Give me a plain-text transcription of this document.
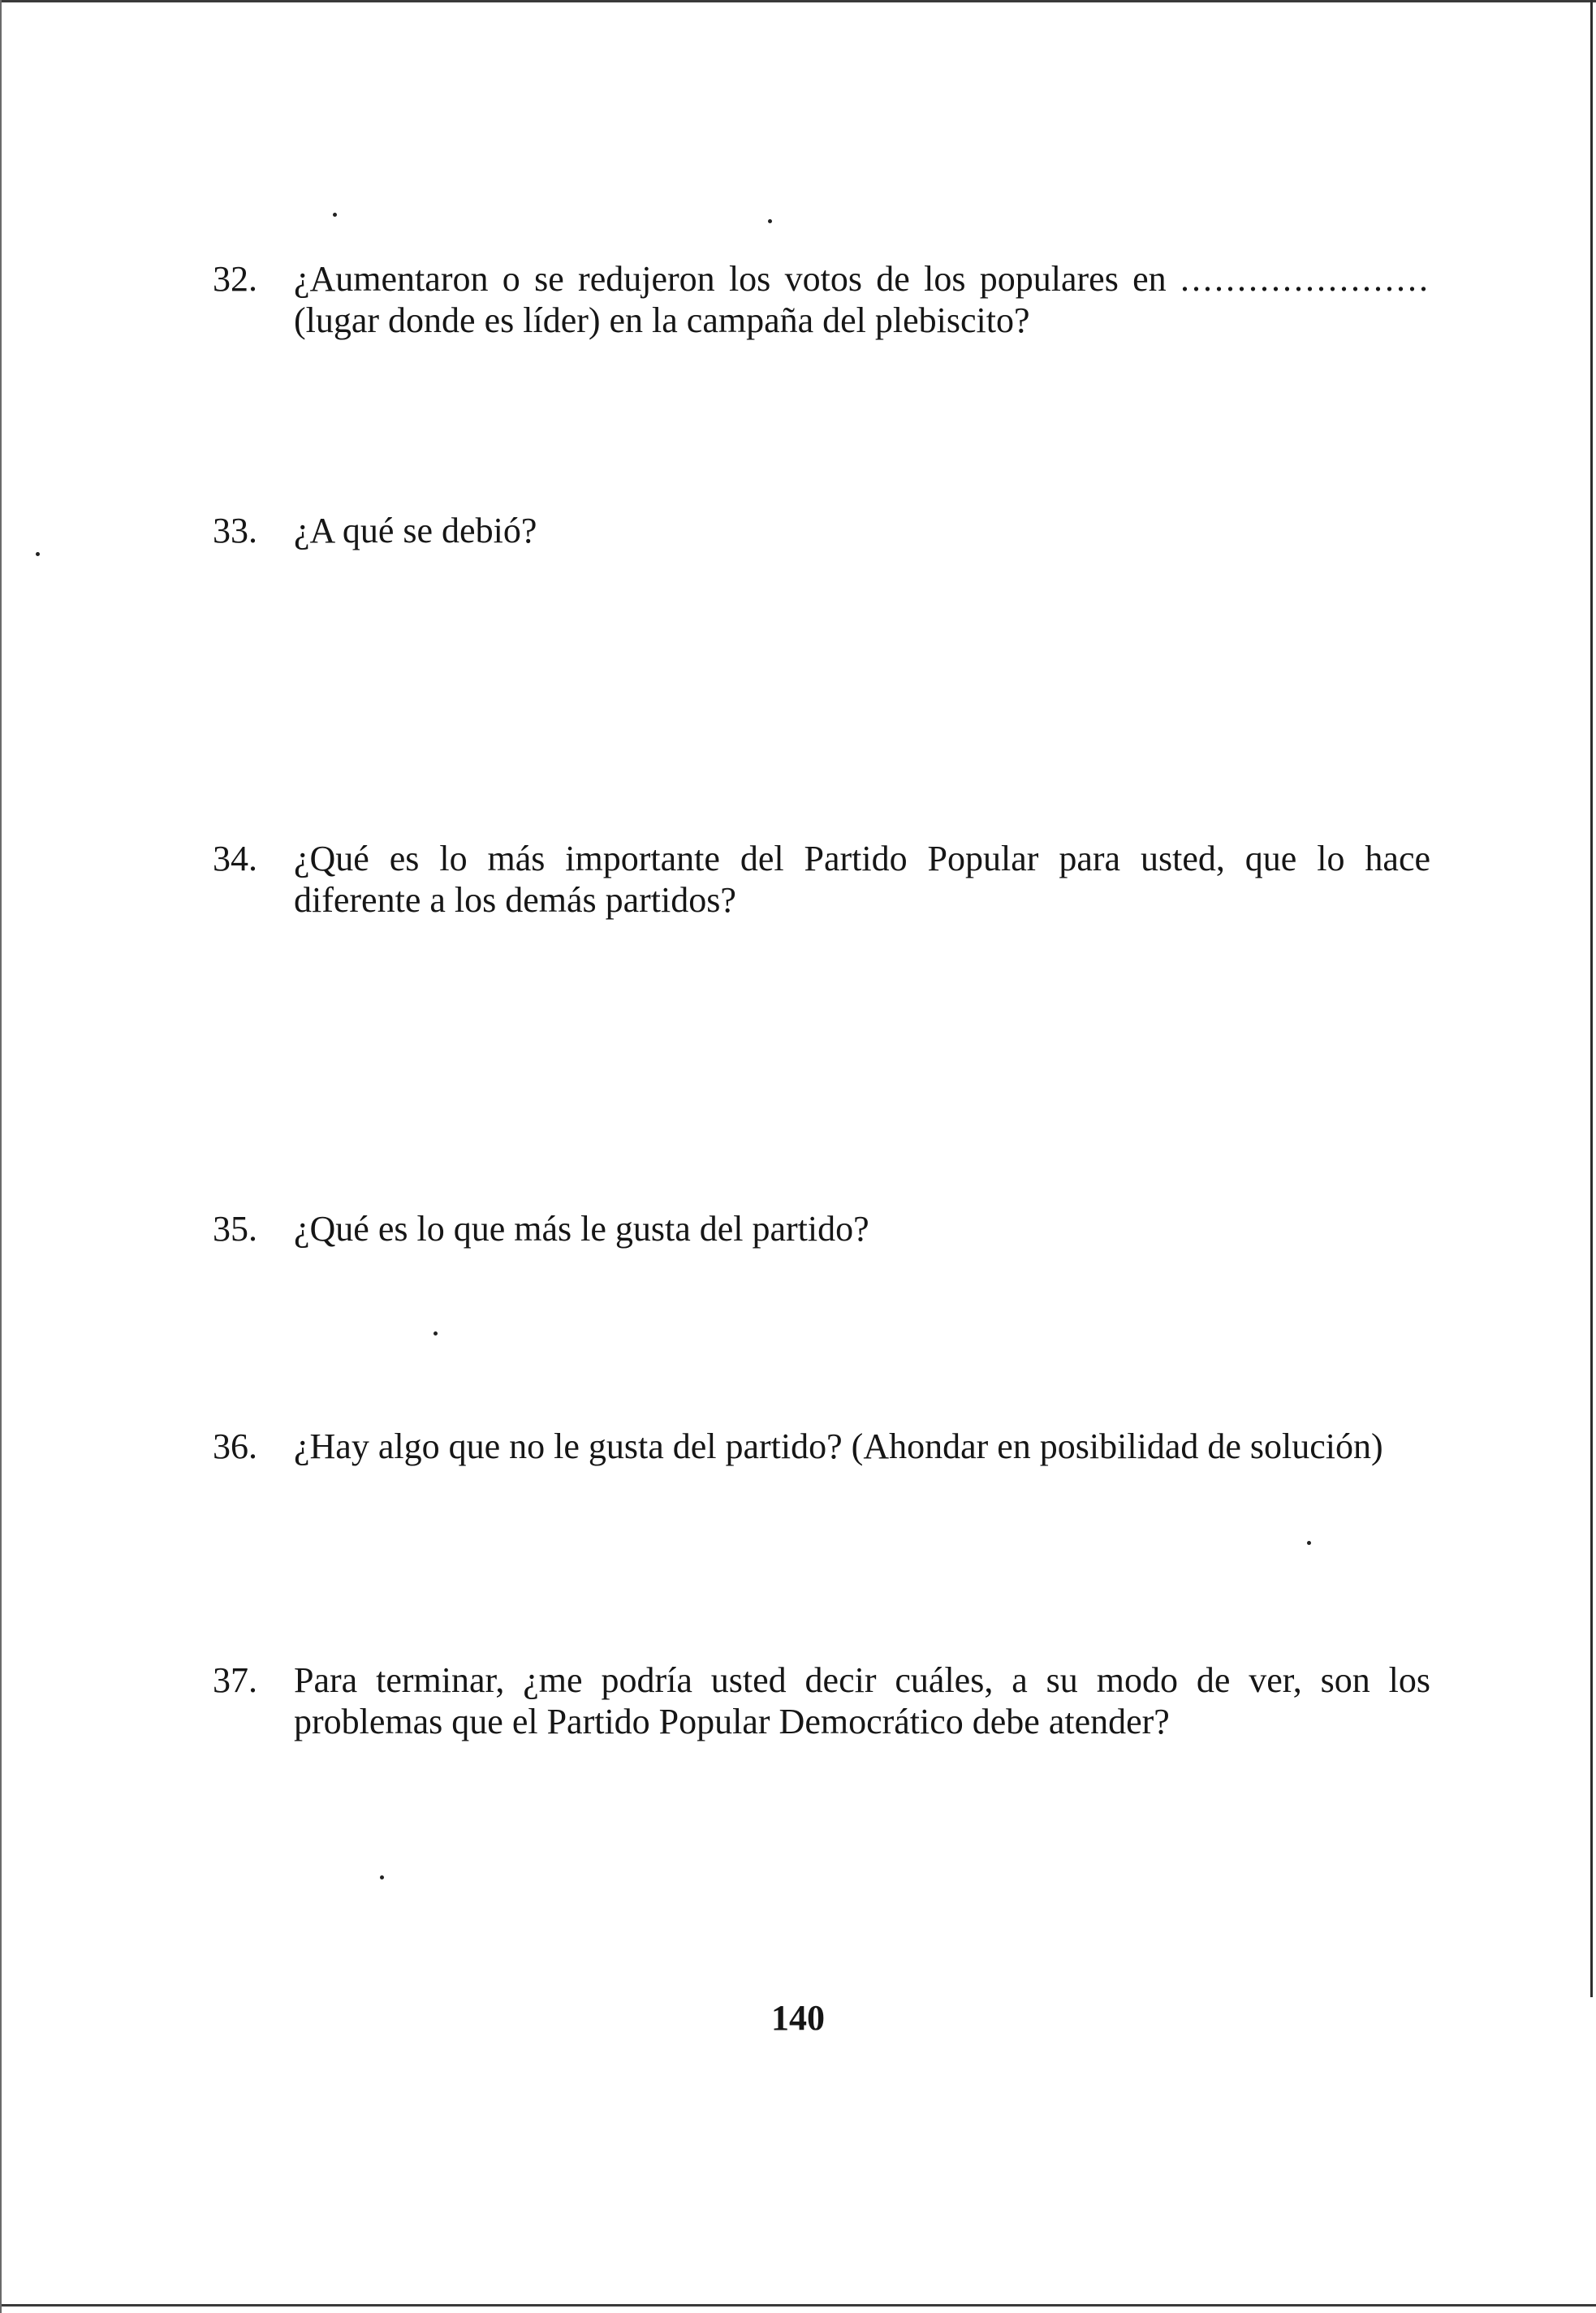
32.	¿Aumentaron o se redujeron los votos de los populares en ...................... (lugar donde es líder) en la campaña del plebiscito?
33.	¿A qué se debió?
34.	¿Qué es lo más importante del Partido Popular para usted, que lo hace diferente a los demás partidos?
35.	¿Qué es lo que más le gusta del partido?
36.	¿Hay algo que no le gusta del partido? (Ahondar en posibilidad de solución)
37.	Para terminar, ¿me podría usted decir cuáles, a su modo de ver, son los problemas que el Partido Popular Democrático debe atender?
140
